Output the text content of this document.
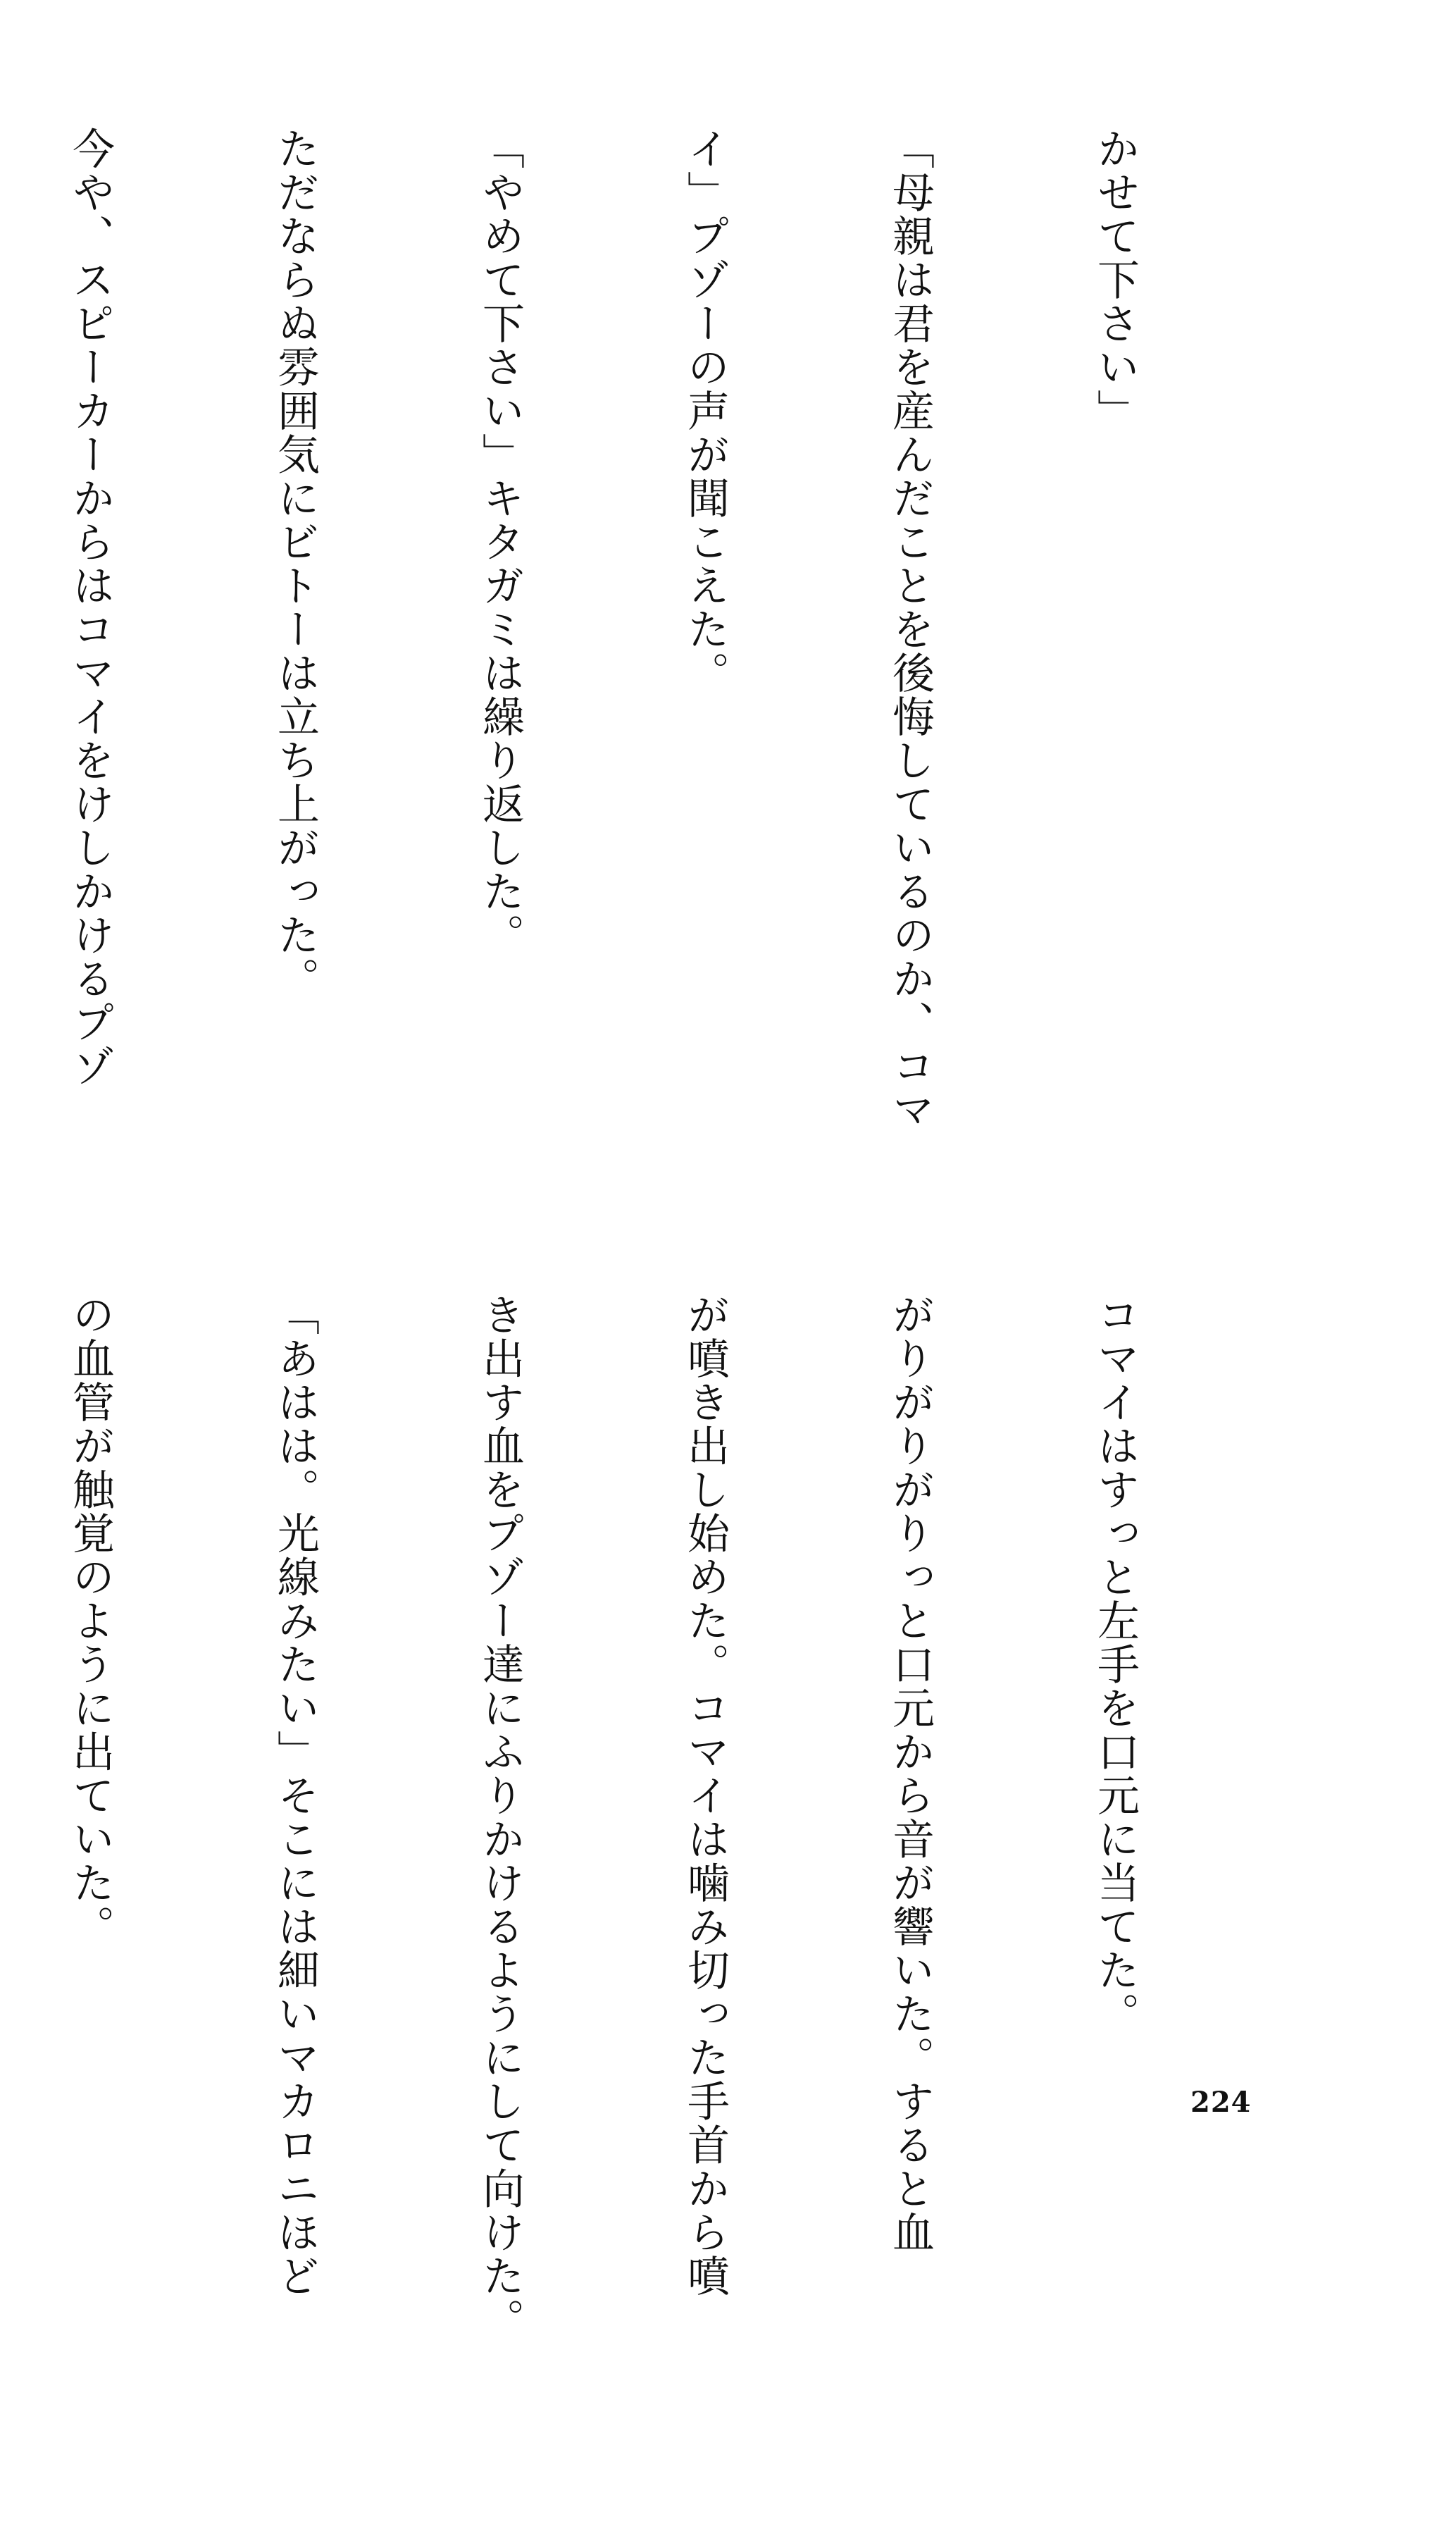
かせて下さい」

「母親は君を産んだことを後悔しているのか、コマ

イ」プゾーの声が聞こえた。

「やめて下さい」キタガミは繰り返した。

ただならぬ雰囲気にビトーは立ち上がった。

今や、スピーカーからはコマイをけしかけるプゾ

コマイはすっと左手を口元に当てた。

がりがりがりっと口元から音が響いた。すると血

が噴き出し始めた。コマイは噛み切った手首から噴

き出す血をプゾー達にふりかけるようにして向けた。

「あはは。光線みたい」そこには細いマカロニほど

の血管が触覚のように出ていた。

224
